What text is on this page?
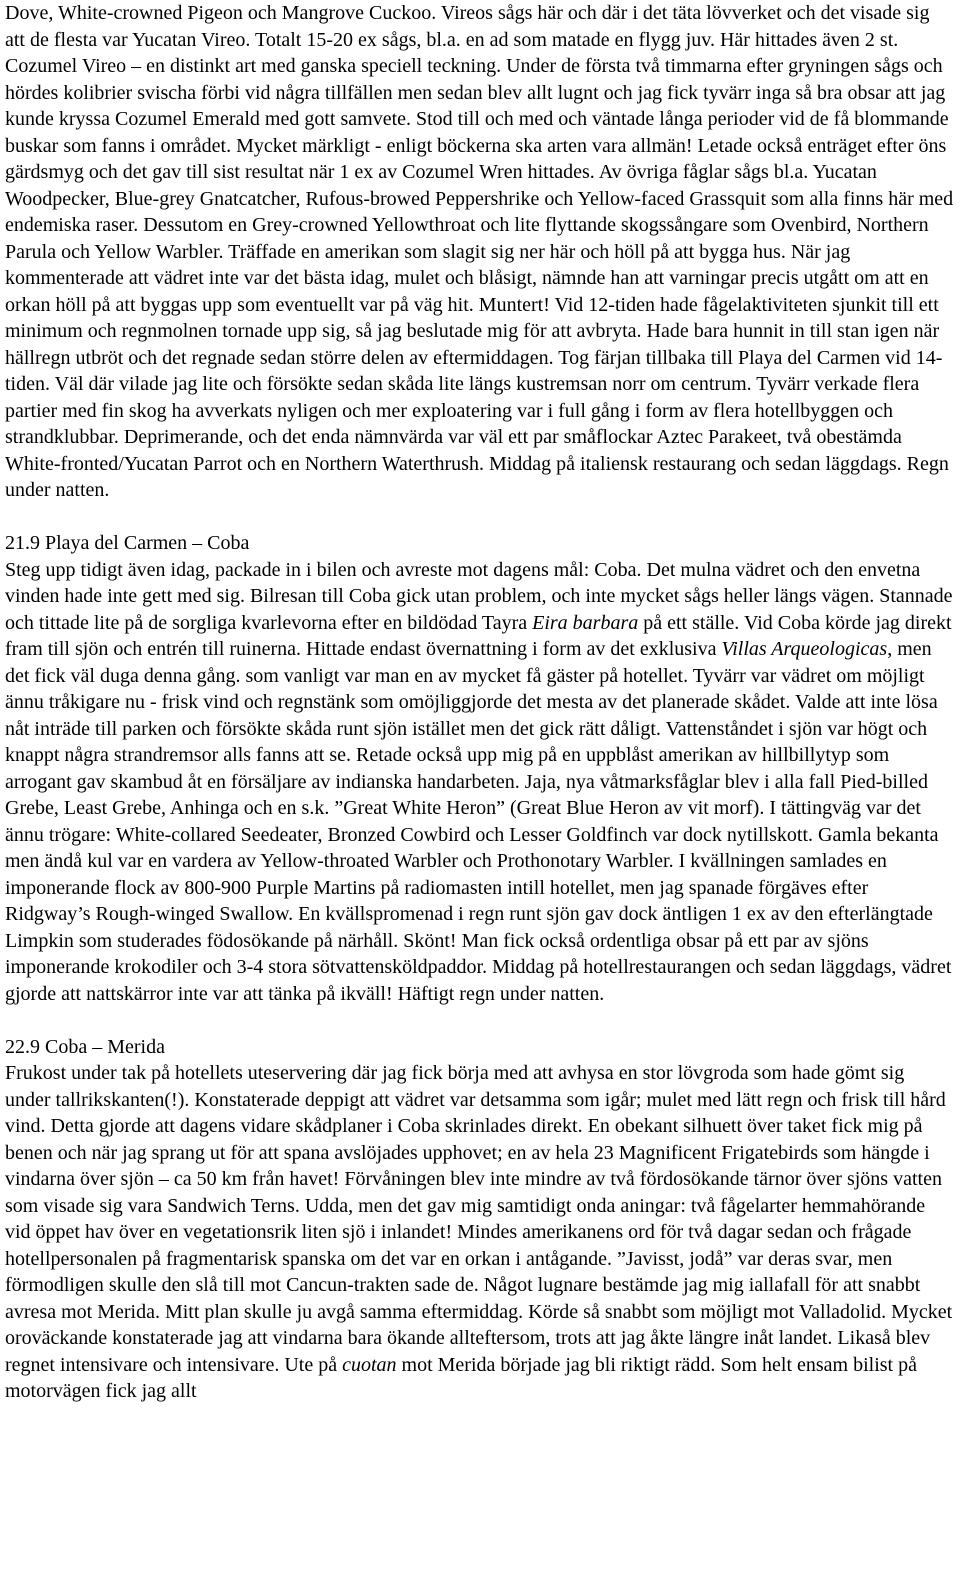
Dove, White-crowned Pigeon och Mangrove Cuckoo. Vireos sågs här och där i det täta lövverket och det visade sig att de flesta var Yucatan Vireo. Totalt 15-20 ex sågs, bl.a. en ad som matade en flygg juv. Här hittades även 2 st. Cozumel Vireo – en distinkt art med ganska speciell teckning. Under de första två timmarna efter gryningen sågs och hördes kolibrier svischa förbi vid några tillfällen men sedan blev allt lugnt och jag fick tyvärr inga så bra obsar att jag kunde kryssa Cozumel Emerald med gott samvete. Stod till och med och väntade långa perioder vid de få blommande buskar som fanns i området. Mycket märkligt - enligt böckerna ska arten vara allmän! Letade också enträget efter öns gärdsmyg och det gav till sist resultat när 1 ex av Cozumel Wren hittades. Av övriga fåglar sågs bl.a. Yucatan Woodpecker, Blue-grey Gnatcatcher, Rufous-browed Peppershrike och Yellow-faced Grassquit som alla finns här med endemiska raser. Dessutom en Grey-crowned Yellowthroat och lite flyttande skogssångare som Ovenbird, Northern Parula och Yellow Warbler. Träffade en amerikan som slagit sig ner här och höll på att bygga hus. När jag kommenterade att vädret inte var det bästa idag, mulet och blåsigt, nämnde han att varningar precis utgått om att en orkan höll på att byggas upp som eventuellt var på väg hit. Muntert! Vid 12-tiden hade fågelaktiviteten sjunkit till ett minimum och regnmolnen tornade upp sig, så jag beslutade mig för att avbryta. Hade bara hunnit in till stan igen när hällregn utbröt och det regnade sedan större delen av eftermiddagen. Tog färjan tillbaka till Playa del Carmen vid 14-tiden. Väl där vilade jag lite och försökte sedan skåda lite längs kustremsan norr om centrum. Tyvärr verkade flera partier med fin skog ha avverkats nyligen och mer exploatering var i full gång i form av flera hotellbyggen och strandklubbar. Deprimerande, och det enda nämnvärda var väl ett par småflockar Aztec Parakeet, två obestämda White-fronted/Yucatan Parrot och en Northern Waterthrush. Middag på italiensk restaurang och sedan läggdags. Regn under natten.

21.9 Playa del Carmen – Coba

Steg upp tidigt även idag, packade in i bilen och avreste mot dagens mål: Coba. Det mulna vädret och den envetna vinden hade inte gett med sig. Bilresan till Coba gick utan problem, och inte mycket sågs heller längs vägen. Stannade och tittade lite på de sorgliga kvarlevorna efter en bildödad Tayra Eira barbara på ett ställe. Vid Coba körde jag direkt fram till sjön och entrén till ruinerna. Hittade endast övernattning i form av det exklusiva Villas Arqueologicas, men det fick väl duga denna gång. som vanligt var man en av mycket få gäster på hotellet. Tyvärr var vädret om möjligt ännu tråkigare nu - frisk vind och regnstänk som omöjliggjorde det mesta av det planerade skådet. Valde att inte lösa nåt inträde till parken och försökte skåda runt sjön istället men det gick rätt dåligt. Vattenståndet i sjön var högt och knappt några strandremsor alls fanns att se. Retade också upp mig på en uppblåst amerikan av hillbillytyp som arrogant gav skambud åt en försäljare av indianska handarbeten. Jaja, nya våtmarksfåglar blev i alla fall Pied-billed Grebe, Least Grebe, Anhinga och en s.k. ”Great White Heron” (Great Blue Heron av vit morf). I tättingväg var det ännu trögare: White-collared Seedeater, Bronzed Cowbird och Lesser Goldfinch var dock nytillskott. Gamla bekanta men ändå kul var en vardera av Yellow-throated Warbler och Prothonotary Warbler. I kvällningen samlades en imponerande flock av 800-900 Purple Martins på radiomasten intill hotellet, men jag spanade förgäves efter Ridgway’s Rough-winged Swallow. En kvällspromenad i regn runt sjön gav dock äntligen 1 ex av den efterlängtade Limpkin som studerades födosökande på närhåll. Skönt! Man fick också ordentliga obsar på ett par av sjöns imponerande krokodiler och 3-4 stora sötvattensköldpaddor. Middag på hotellrestaurangen och sedan läggdags, vädret gjorde att nattskärror inte var att tänka på ikväll! Häftigt regn under natten.

22.9 Coba – Merida

Frukost under tak på hotellets uteservering där jag fick börja med att avhysa en stor lövgroda som hade gömt sig under tallrikskanten(!). Konstaterade deppigt att vädret var detsamma som igår; mulet med lätt regn och frisk till hård vind. Detta gjorde att dagens vidare skådplaner i Coba skrinlades direkt. En obekant silhuett över taket fick mig på benen och när jag sprang ut för att spana avslöjades upphovet; en av hela 23 Magnificent Frigatebirds som hängde i vindarna över sjön – ca 50 km från havet! Förvåningen blev inte mindre av två fördosökande tärnor över sjöns vatten som visade sig vara Sandwich Terns. Udda, men det gav mig samtidigt onda aningar: två fågelarter hemmahörande vid öppet hav över en vegetationsrik liten sjö i inlandet! Mindes amerikanens ord för två dagar sedan och frågade hotellpersonalen på fragmentarisk spanska om det var en orkan i antågande. ”Javisst, jodå” var deras svar, men förmodligen skulle den slå till mot Cancun-trakten sade de. Något lugnare bestämde jag mig iallafall för att snabbt avresa mot Merida. Mitt plan skulle ju avgå samma eftermiddag. Körde så snabbt som möjligt mot Valladolid. Mycket oroväckande konstaterade jag att vindarna bara ökande allteftersom, trots att jag åkte längre inåt landet. Likaså blev regnet intensivare och intensivare. Ute på cuotan mot Merida började jag bli riktigt rädd. Som helt ensam bilist på motorvägen fick jag allt
